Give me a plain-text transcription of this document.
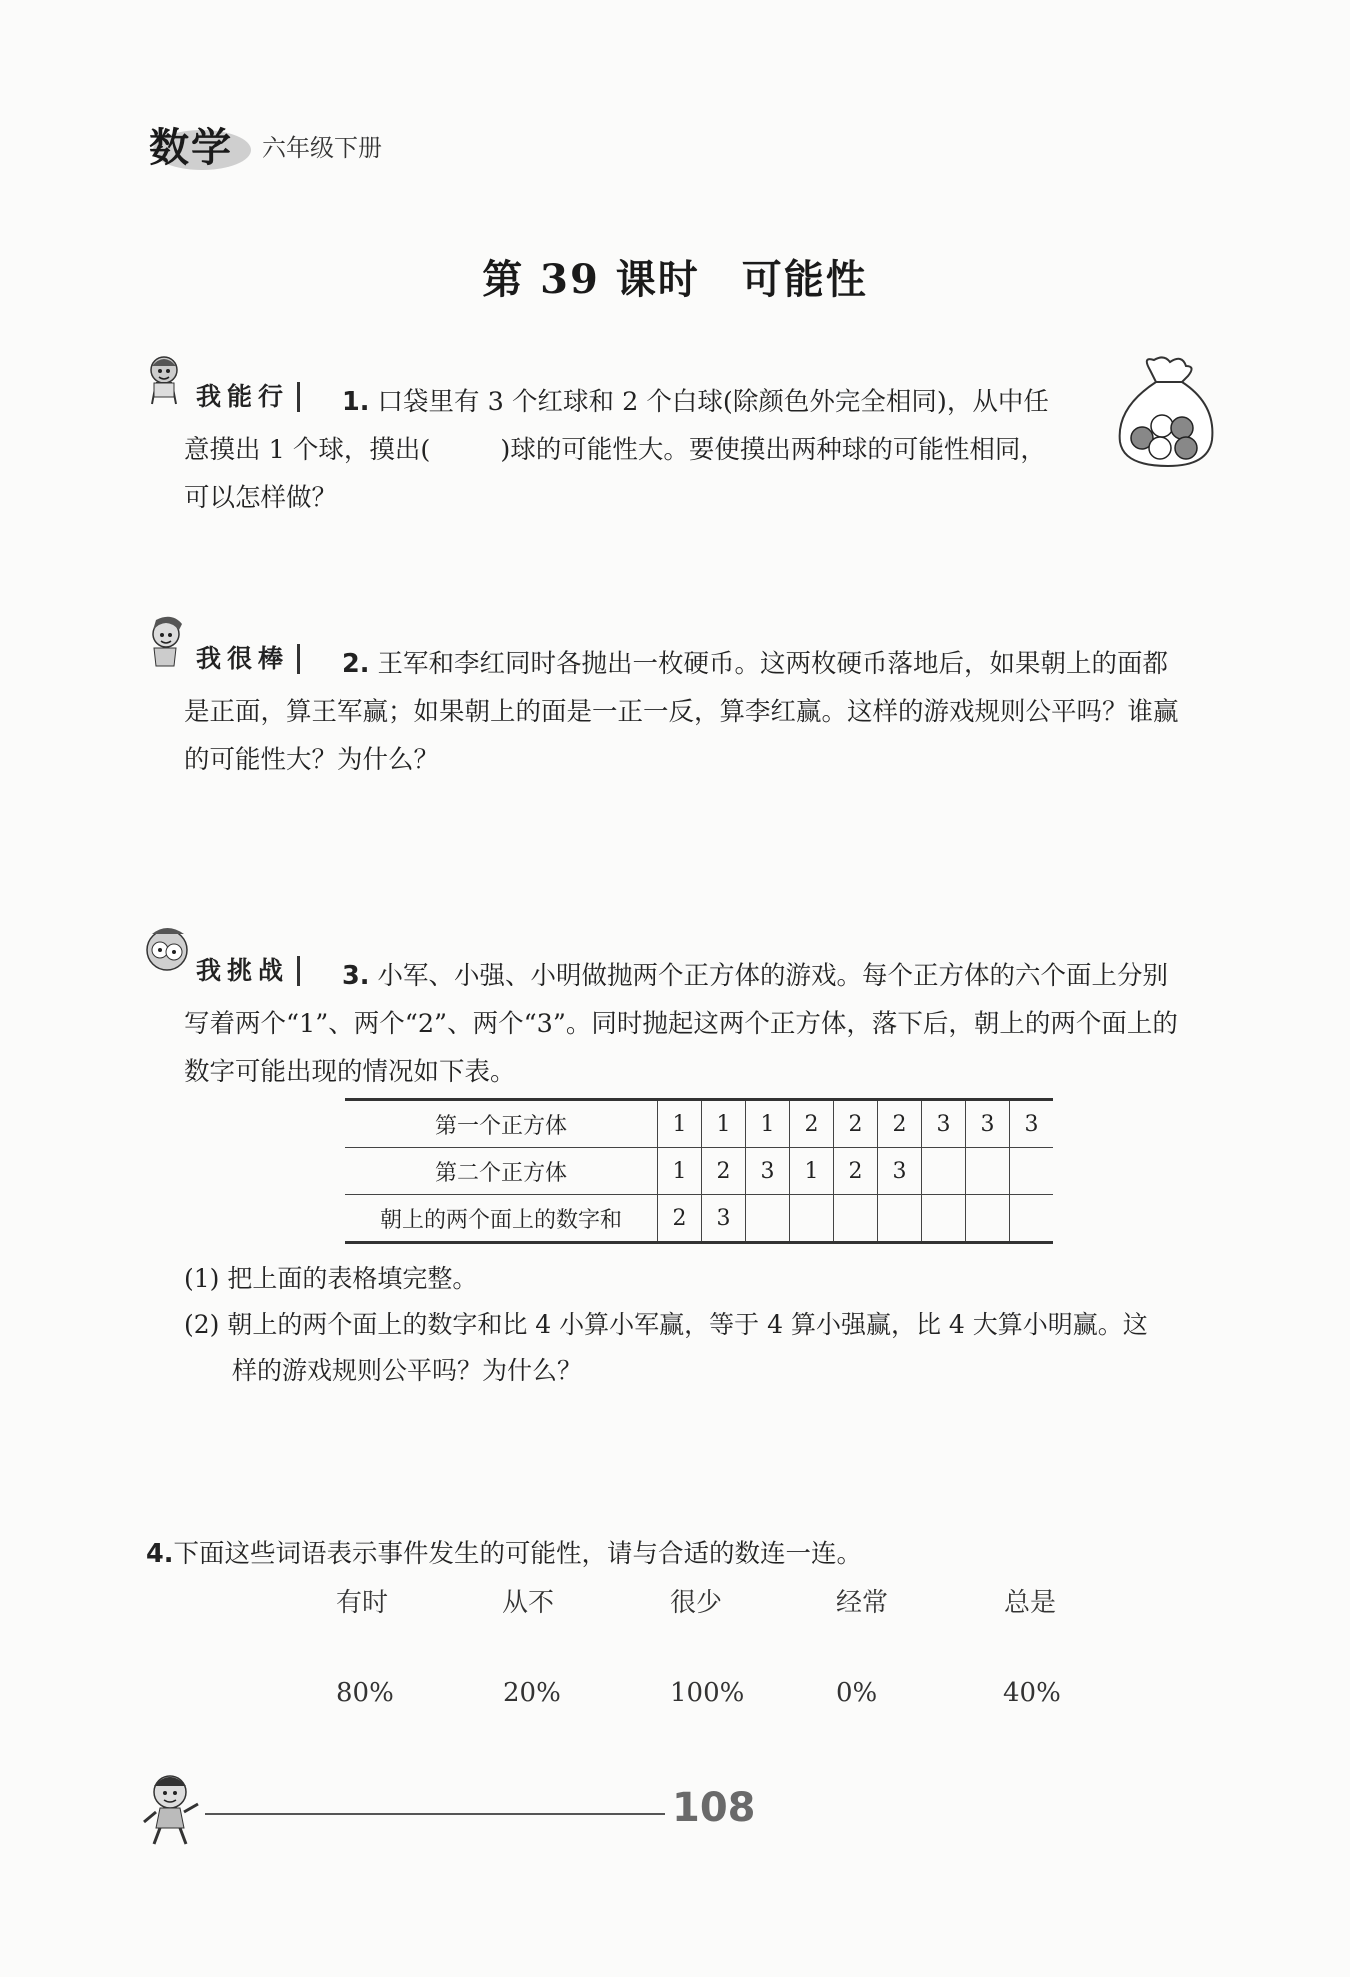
数学 六年级下册
第 39 课时　可能性
我能行	1. 口袋里有 3 个红球和 2 个白球(除颜色外完全相同)，从中任
意摸出 1 个球，摸出(	)球的可能性大。要使摸出两种球的可能性相同，
可以怎样做？
我很棒	2. 王军和李红同时各抛出一枚硬币。这两枚硬币落地后，如果朝上的面都
是正面，算王军赢；如果朝上的面是一正一反，算李红赢。这样的游戏规则公平吗？谁赢
的可能性大？为什么？
我挑战	3. 小军、小强、小明做抛两个正方体的游戏。每个正方体的六个面上分别
写着两个“1”、两个“2”、两个“3”。同时抛起这两个正方体，落下后，朝上的两个面上的
数字可能出现的情况如下表。
第一个正方体	1	1	1	2	2	2	3	3	3
第二个正方体	1	2	3	1	2	3			
朝上的两个面上的数字和	2	3							
(1) 把上面的表格填完整。
(2) 朝上的两个面上的数字和比 4 小算小军赢，等于 4 算小强赢，比 4 大算小明赢。这
样的游戏规则公平吗？为什么？
4.下面这些词语表示事件发生的可能性，请与合适的数连一连。
有时	从不	很少	经常	总是
80%	20%	100%	0%	40%
108
